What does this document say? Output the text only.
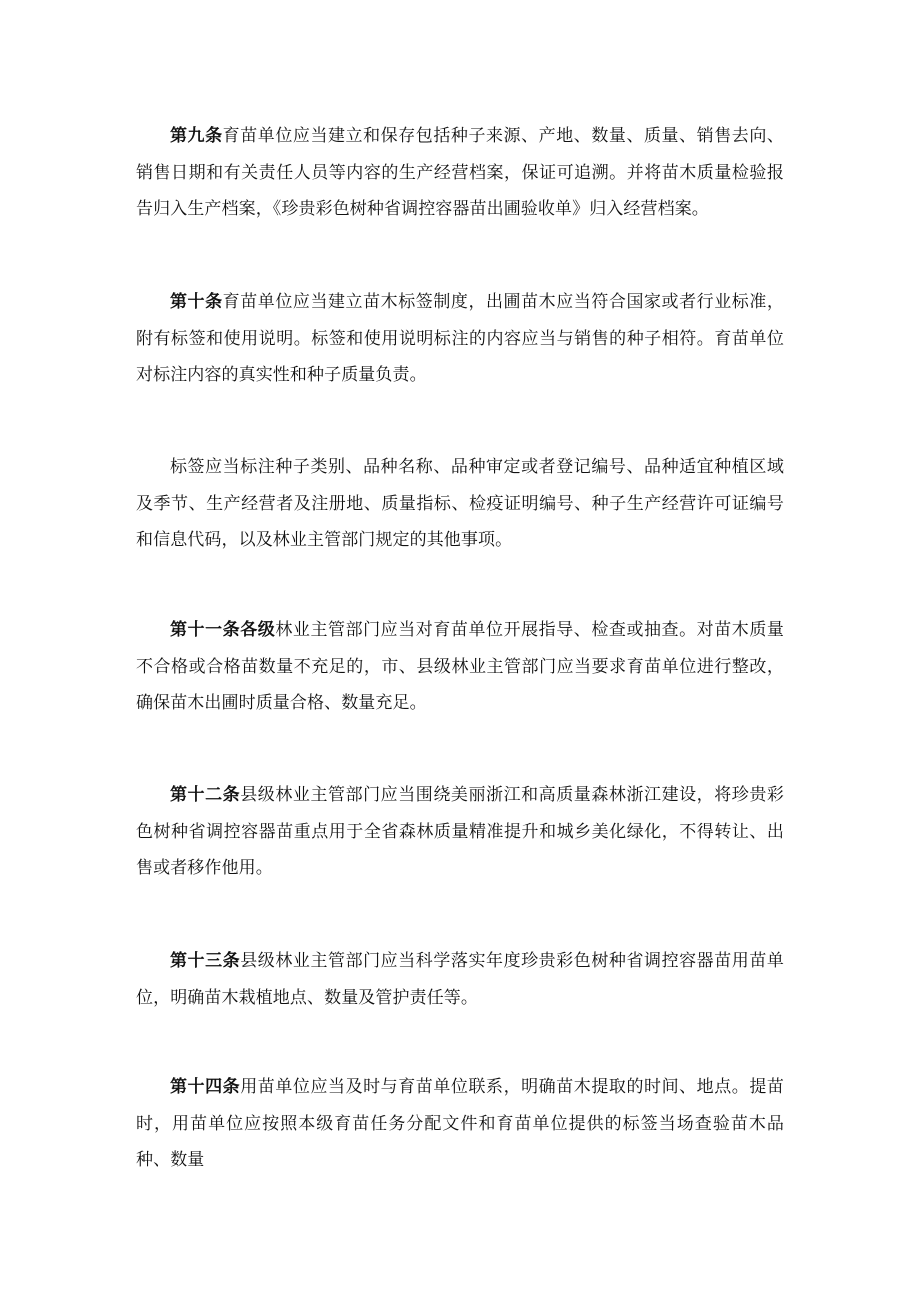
第九条育苗单位应当建立和保存包括种子来源、产地、数量、质量、销售去向、销售日期和有关责任人员等内容的生产经营档案，保证可追溯。并将苗木质量检验报告归入生产档案，《珍贵彩色树种省调控容器苗出圃验收单》归入经营档案。

第十条育苗单位应当建立苗木标签制度，出圃苗木应当符合国家或者行业标准，附有标签和使用说明。标签和使用说明标注的内容应当与销售的种子相符。育苗单位对标注内容的真实性和种子质量负责。

标签应当标注种子类别、品种名称、品种审定或者登记编号、品种适宜种植区域及季节、生产经营者及注册地、质量指标、检疫证明编号、种子生产经营许可证编号和信息代码，以及林业主管部门规定的其他事项。

第十一条各级林业主管部门应当对育苗单位开展指导、检查或抽查。对苗木质量不合格或合格苗数量不充足的，市、县级林业主管部门应当要求育苗单位进行整改，确保苗木出圃时质量合格、数量充足。

第十二条县级林业主管部门应当围绕美丽浙江和高质量森林浙江建设，将珍贵彩色树种省调控容器苗重点用于全省森林质量精准提升和城乡美化绿化，不得转让、出售或者移作他用。

第十三条县级林业主管部门应当科学落实年度珍贵彩色树种省调控容器苗用苗单位，明确苗木栽植地点、数量及管护责任等。

第十四条用苗单位应当及时与育苗单位联系，明确苗木提取的时间、地点。提苗时，用苗单位应按照本级育苗任务分配文件和育苗单位提供的标签当场查验苗木品种、数量
